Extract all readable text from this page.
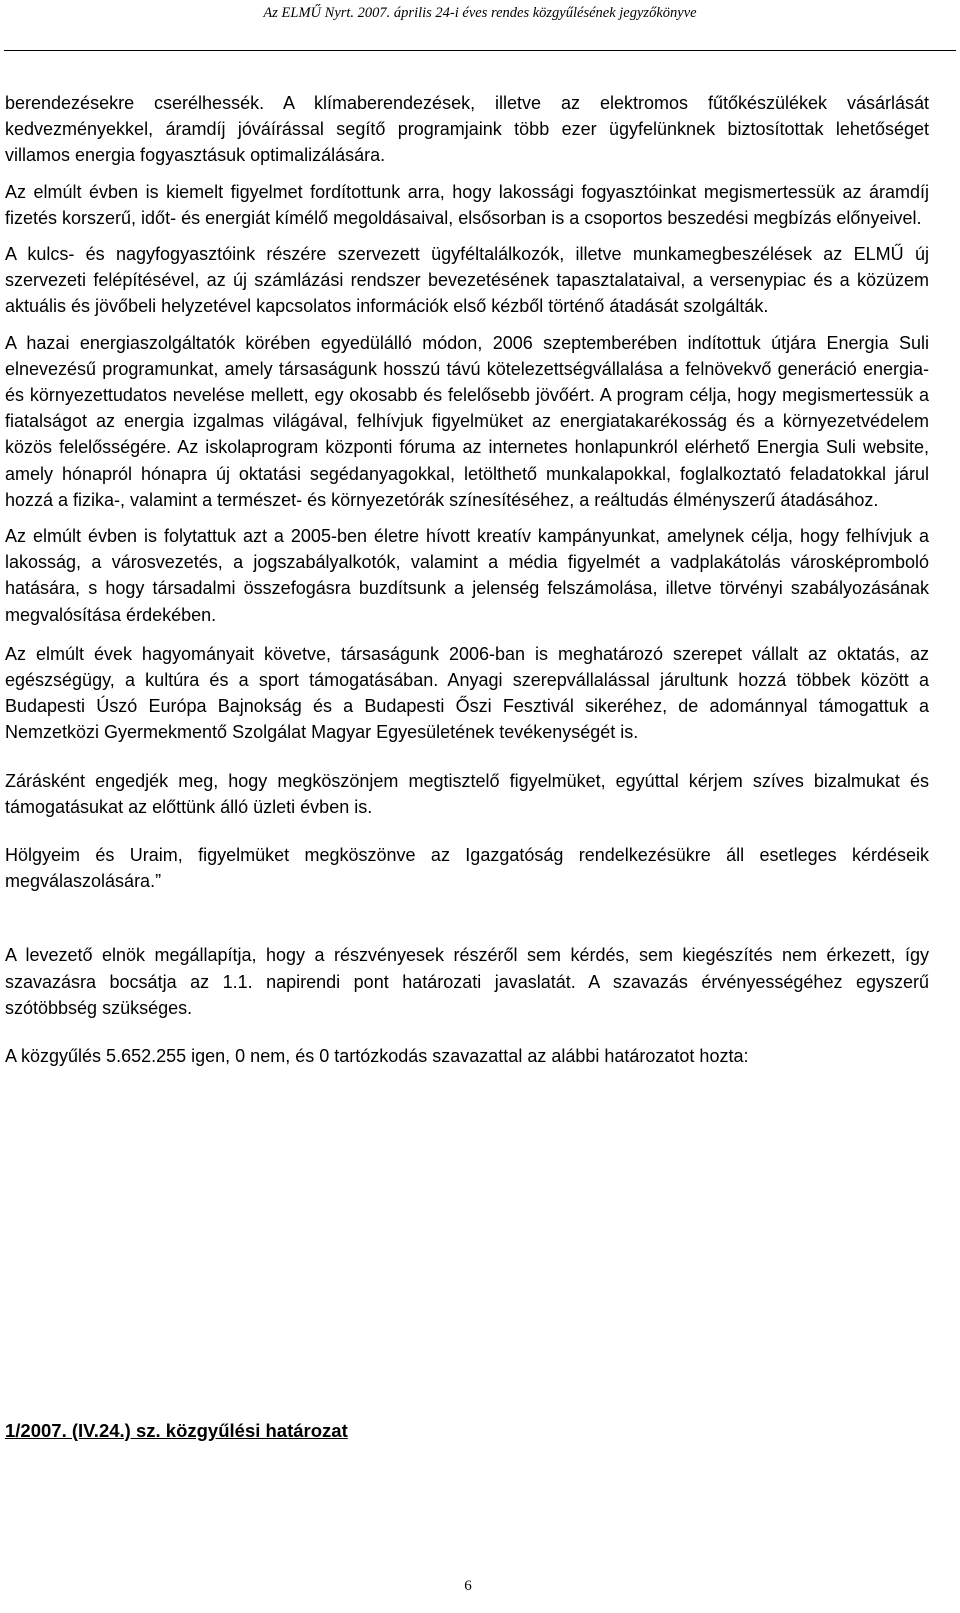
Az ELMŰ Nyrt. 2007. április 24-i éves rendes közgyűlésének jegyzőkönyve

berendezésekre cserélhessék. A klímaberendezések, illetve az elektromos fűtőkészülékek vásárlását kedvezményekkel, áramdíj jóváírással segítő programjaink több ezer ügyfelünknek biztosítottak lehetőséget villamos energia fogyasztásuk optimalizálására.

Az elmúlt évben is kiemelt figyelmet fordítottunk arra, hogy lakossági fogyasztóinkat megismertessük az áramdíj fizetés korszerű, időt- és energiát kímélő megoldásaival, elsősorban is a csoportos beszedési megbízás előnyeivel.

A kulcs- és nagyfogyasztóink részére szervezett ügyféltalálkozók, illetve munkamegbeszélések az ELMŰ új szervezeti felépítésével, az új számlázási rendszer bevezetésének tapasztalataival, a versenypiac és a közüzem aktuális és jövőbeli helyzetével kapcsolatos információk első kézből történő átadását szolgálták.

A hazai energiaszolgáltatók körében egyedülálló módon, 2006 szeptemberében indítottuk útjára Energia Suli elnevezésű programunkat, amely társaságunk hosszú távú kötelezettségvállalása a felnövekvő generáció energia- és környezettudatos nevelése mellett, egy okosabb és felelősebb jövőért. A program célja, hogy megismertessük a fiatalságot az energia izgalmas világával, felhívjuk figyelmüket az energiatakarékosság és a környezetvédelem közös felelősségére. Az iskolaprogram központi fóruma az internetes honlapunkról elérhető Energia Suli website, amely hónapról hónapra új oktatási segédanyagokkal, letölthető munkalapokkal, foglalkoztató feladatokkal járul hozzá a fizika-, valamint a természet- és környezetórák színesítéséhez, a reáltudás élményszerű átadásához.

Az elmúlt évben is folytattuk azt a 2005-ben életre hívott kreatív kampányunkat, amelynek célja, hogy felhívjuk a lakosság, a városvezetés, a jogszabályalkotók, valamint a média figyelmét a vadplakátolás városképromboló hatására, s hogy társadalmi összefogásra buzdítsunk a jelenség felszámolása, illetve törvényi szabályozásának megvalósítása érdekében.

Az elmúlt évek hagyományait követve, társaságunk 2006-ban is meghatározó szerepet vállalt az oktatás, az egészségügy, a kultúra és a sport támogatásában. Anyagi szerepvállalással járultunk hozzá többek között a Budapesti Úszó Európa Bajnokság és a Budapesti Őszi Fesztivál sikeréhez, de adománnyal támogattuk a Nemzetközi Gyermekmentő Szolgálat Magyar Egyesületének tevékenységét is.

Zárásként engedjék meg, hogy megköszönjem megtisztelő figyelmüket, egyúttal kérjem szíves bizalmukat és támogatásukat az előttünk álló üzleti évben is.

Hölgyeim és Uraim, figyelmüket megköszönve az Igazgatóság rendelkezésükre áll esetleges kérdéseik megválaszolására.”

A levezető elnök megállapítja, hogy a részvényesek részéről sem kérdés, sem kiegészítés nem érkezett, így szavazásra bocsátja az 1.1. napirendi pont határozati javaslatát. A szavazás érvényességéhez egyszerű szótöbbség szükséges.

A közgyűlés 5.652.255 igen, 0 nem, és 0 tartózkodás szavazattal az alábbi határozatot hozta:

1/2007. (IV.24.) sz. közgyűlési határozat
6
